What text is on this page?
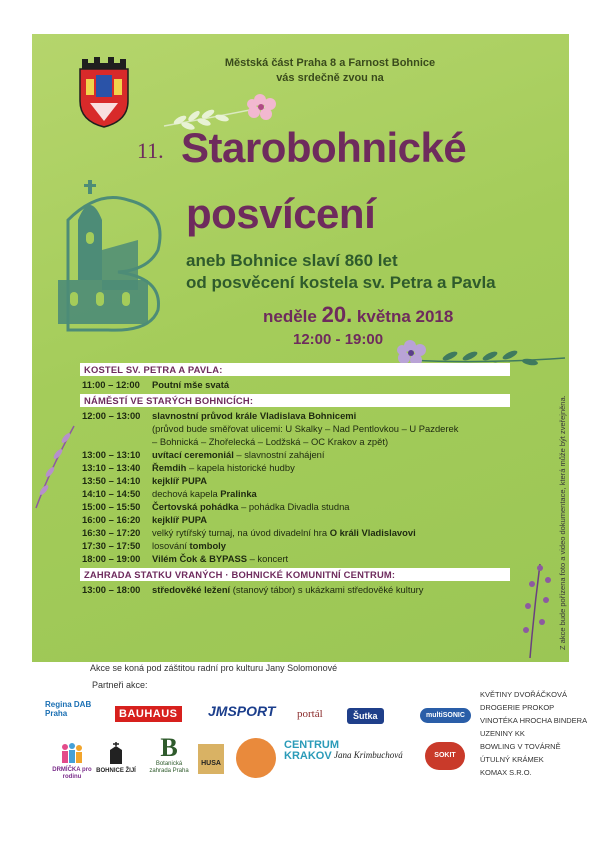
Městská část Praha 8 a Farnost Bohnice
vás srdečně zvou na
11. Starobohnické
posvícení
aneb Bohnice slaví 860 let
od posvěcení kostela sv. Petra a Pavla
neděle 20. května 2018
12:00 - 19:00
KOSTEL SV. PETRA A PAVLA:
11:00 – 12:00	Poutní mše svatá
NÁMĚSTÍ VE STARÝCH BOHNICÍCH:
12:00 – 13:00	slavnostní průvod krále Vladislava Bohnicemi
(průvod bude směřovat ulicemi: U Skalky – Nad Pentlovkou – U Pazderek
– Bohnická – Zhořelecká – Lodžská – OC Krakov a zpět)
13:00 – 13:10	uvítací ceremoniál – slavnostní zahájení
13:10 – 13:40	Řemdih – kapela historické hudby
13:50 – 14:10	kejklíř PUPA
14:10 – 14:50	dechová kapela Pralinka
15:00 – 15:50	Čertovská pohádka – pohádka Divadla studna
16:00 – 16:20	kejklíř PUPA
16:30 – 17:20	velký rytířský turnaj, na úvod divadelní hra O králi Vladislavovi
17:30 – 17:50	losování tomboly
18:00 – 19:00	Vilém Čok & BYPASS – koncert
ZAHRADA STATKU VRANÝCH · BOHNICKÉ KOMUNITNÍ CENTRUM:
13:00 – 18:00	středověké ležení (stanový tábor) s ukázkami středověké kultury	Z akce bude pořízena foto a video dokumentace, která může být zveřejněna.
Akce se koná pod záštitou radní pro kulturu Jany Solomonové
Partneři akce:
Regina DAB Praha	BAUHAUS JMSPORT portál	Šutka	multiSONIC
DRMÍČKA pro rodinu
BOHNICE ŽIJÍ
B
Botanická zahrada Praha
HUSA
CENTRUM KRAKOV Jana Krimbuchová	SOKIT records
KVĚTINY DVOŘÁČKOVÁ
DROGERIE PROKOP
VINOTÉKA HROCHA BINDERA
UZENINY KK
BOWLING V TOVÁRNĚ
ÚTULNÝ KRÁMEK
KOMAX S.R.O.
